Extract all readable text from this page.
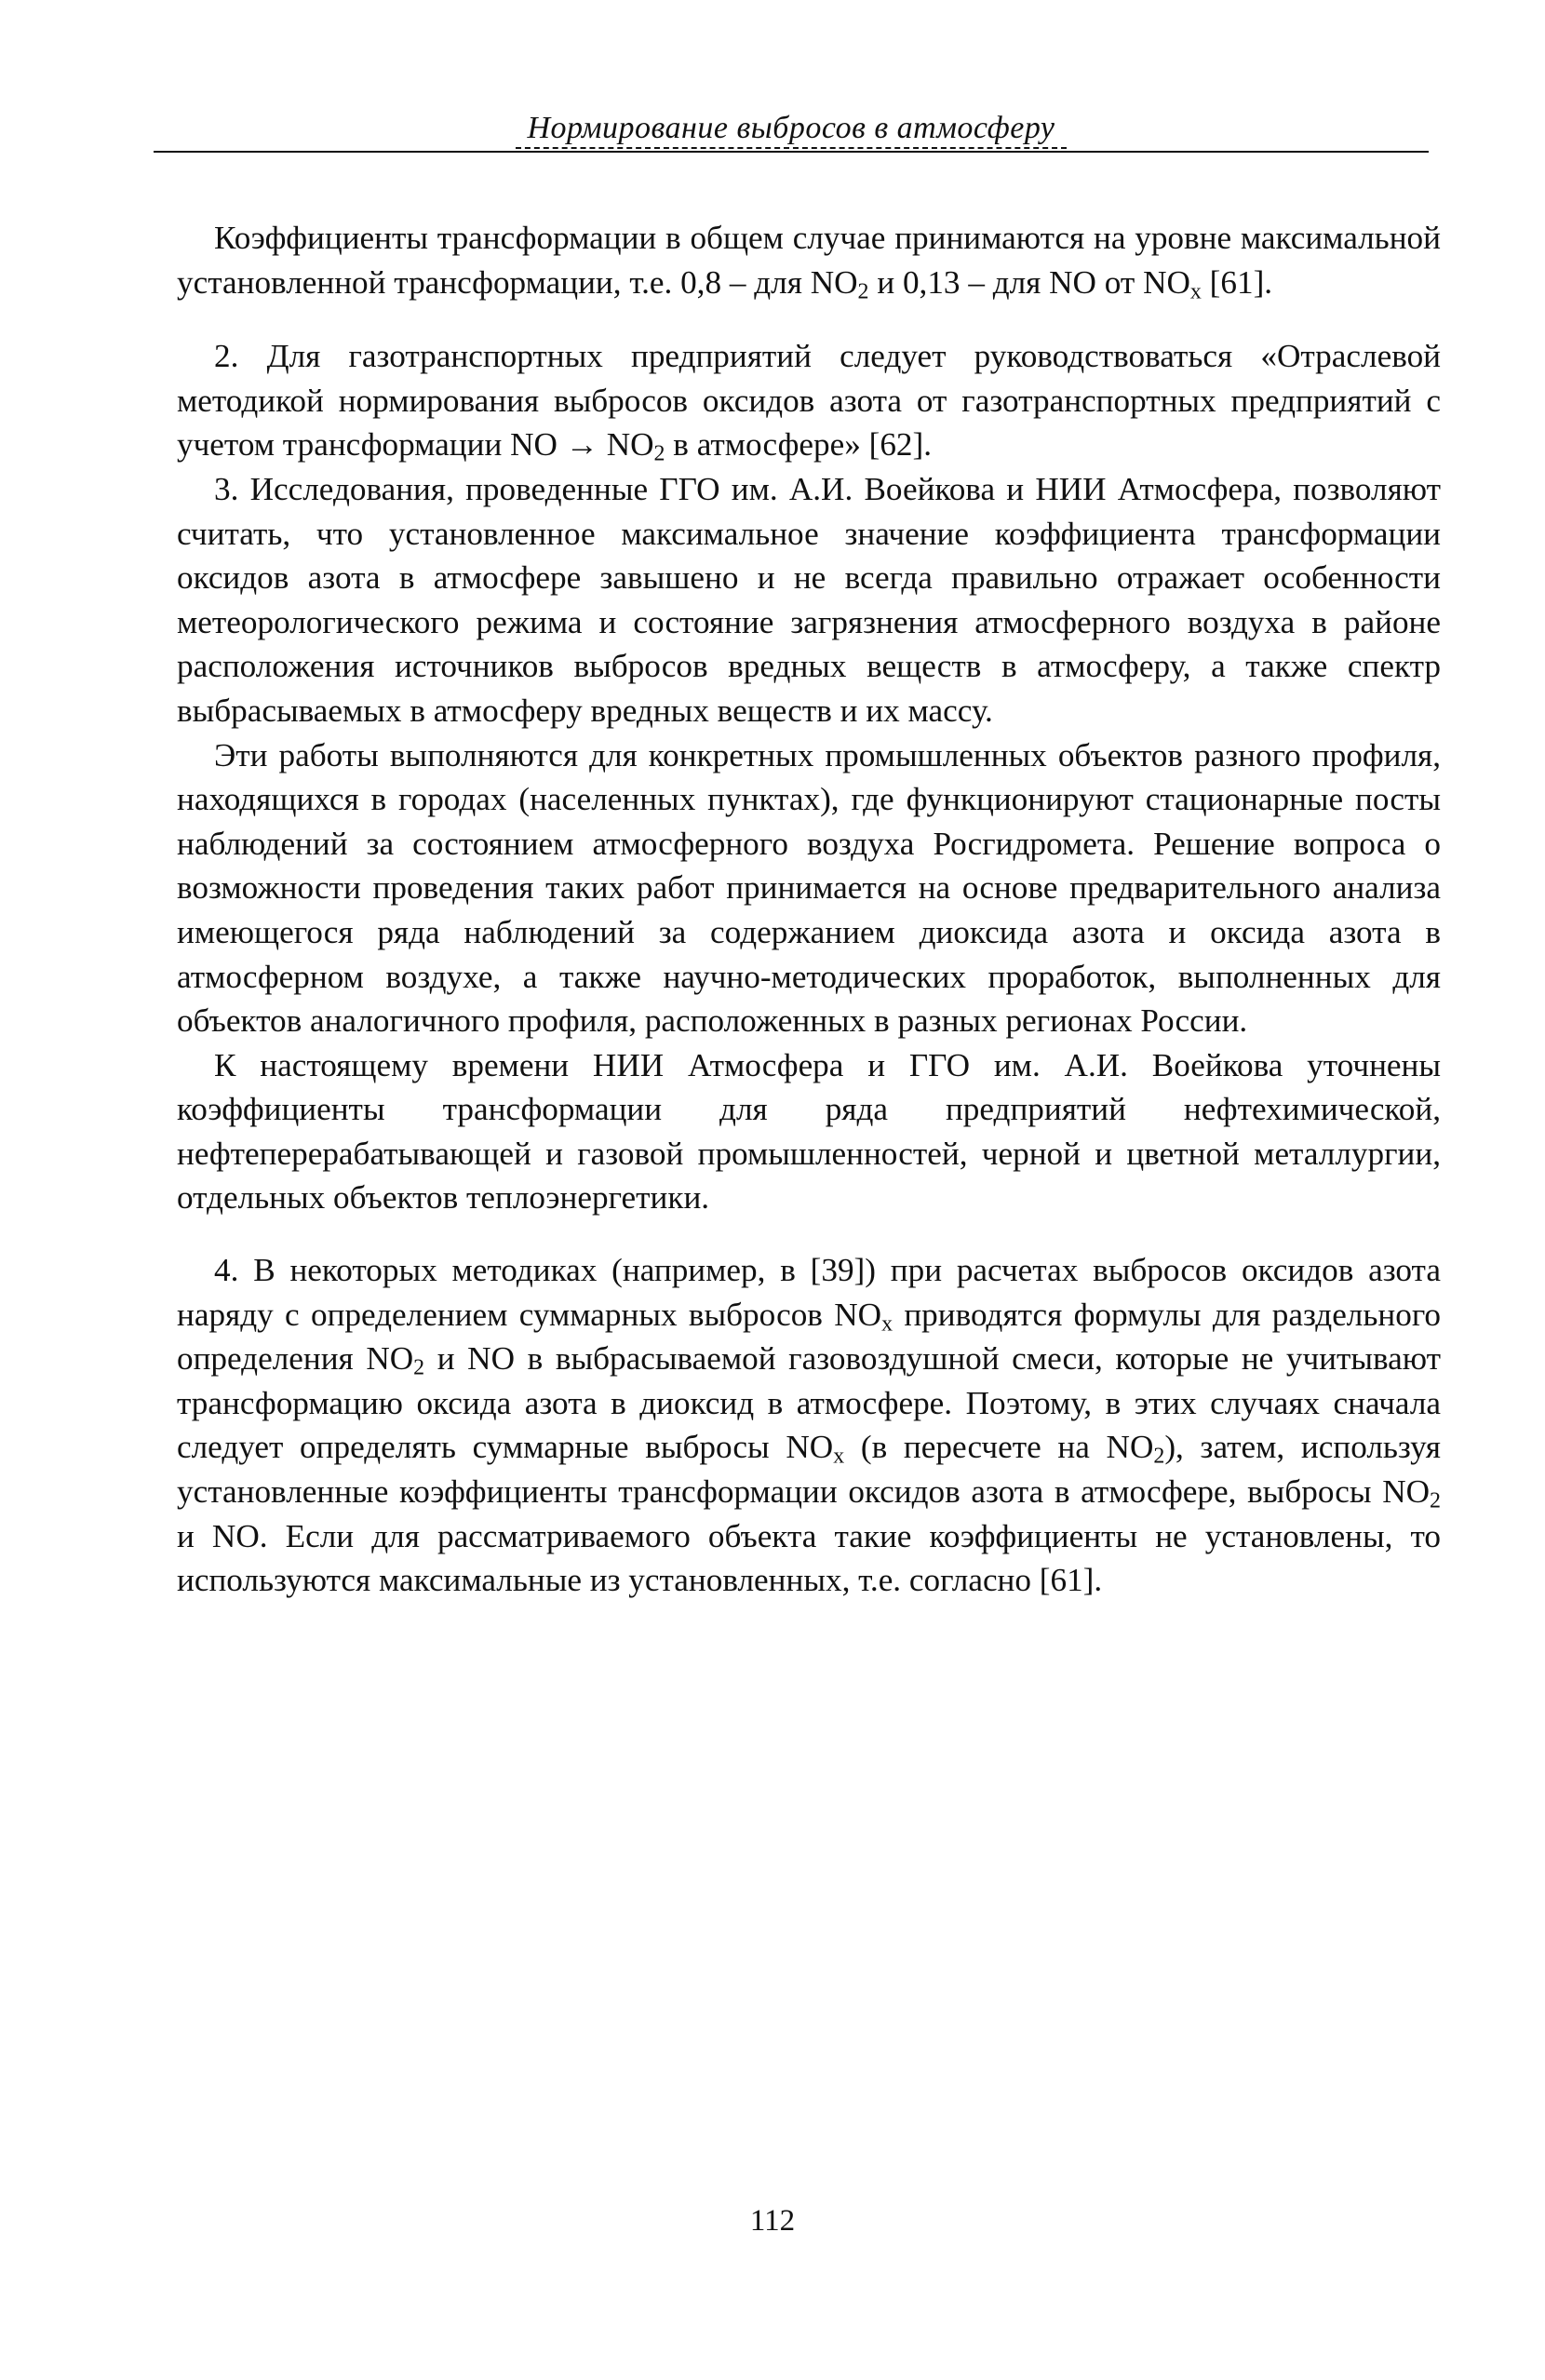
Нормирование выбросов в атмосферу

Коэффициенты трансформации в общем случае принимаются на уровне максимальной установленной трансформации, т.е. 0,8 – для $NO_2$ и 0,13 – для NO от $NO_x$ [61].

2. Для газотранспортных предприятий следует руководствоваться «Отраслевой методикой нормирования выбросов оксидов азота от газотранспортных предприятий с учетом трансформации NO → $NO_2$ в атмосфере» [62].

3. Исследования, проведенные ГГО им. А.И. Воейкова и НИИ Атмосфера, позволяют считать, что установленное максимальное значение коэффициента трансформации оксидов азота в атмосфере завышено и не всегда правильно отражает особенности метеорологического режима и состояние загрязнения атмосферного воздуха в районе расположения источников выбросов вредных веществ в атмосферу, а также спектр выбрасываемых в атмосферу вредных веществ и их массу.

Эти работы выполняются для конкретных промышленных объектов разного профиля, находящихся в городах (населенных пунктах), где функционируют стационарные посты наблюдений за состоянием атмосферного воздуха Росгидромета. Решение вопроса о возможности проведения таких работ принимается на основе предварительного анализа имеющегося ряда наблюдений за содержанием диоксида азота и оксида азота в атмосферном воздухе, а также научно-методических проработок, выполненных для объектов аналогичного профиля, расположенных в разных регионах России.

К настоящему времени НИИ Атмосфера и ГГО им. А.И. Воейкова уточнены коэффициенты трансформации для ряда предприятий нефтехимической, нефтеперерабатывающей и газовой промышленностей, черной и цветной металлургии, отдельных объектов теплоэнергетики.

4. В некоторых методиках (например, в [39]) при расчетах выбросов оксидов азота наряду с определением суммарных выбросов $NO_x$ приводятся формулы для раздельного определения $NO_2$ и NO в выбрасываемой газовоздушной смеси, которые не учитывают трансформацию оксида азота в диоксид в атмосфере. Поэтому, в этих случаях сначала следует определять суммарные выбросы $NO_x$ (в пересчете на $NO_2$), затем, используя установленные коэффициенты трансформации оксидов азота в атмосфере, выбросы $NO_2$ и NO. Если для рассматриваемого объекта такие коэффициенты не установлены, то используются максимальные из установленных, т.е. согласно [61].

112
